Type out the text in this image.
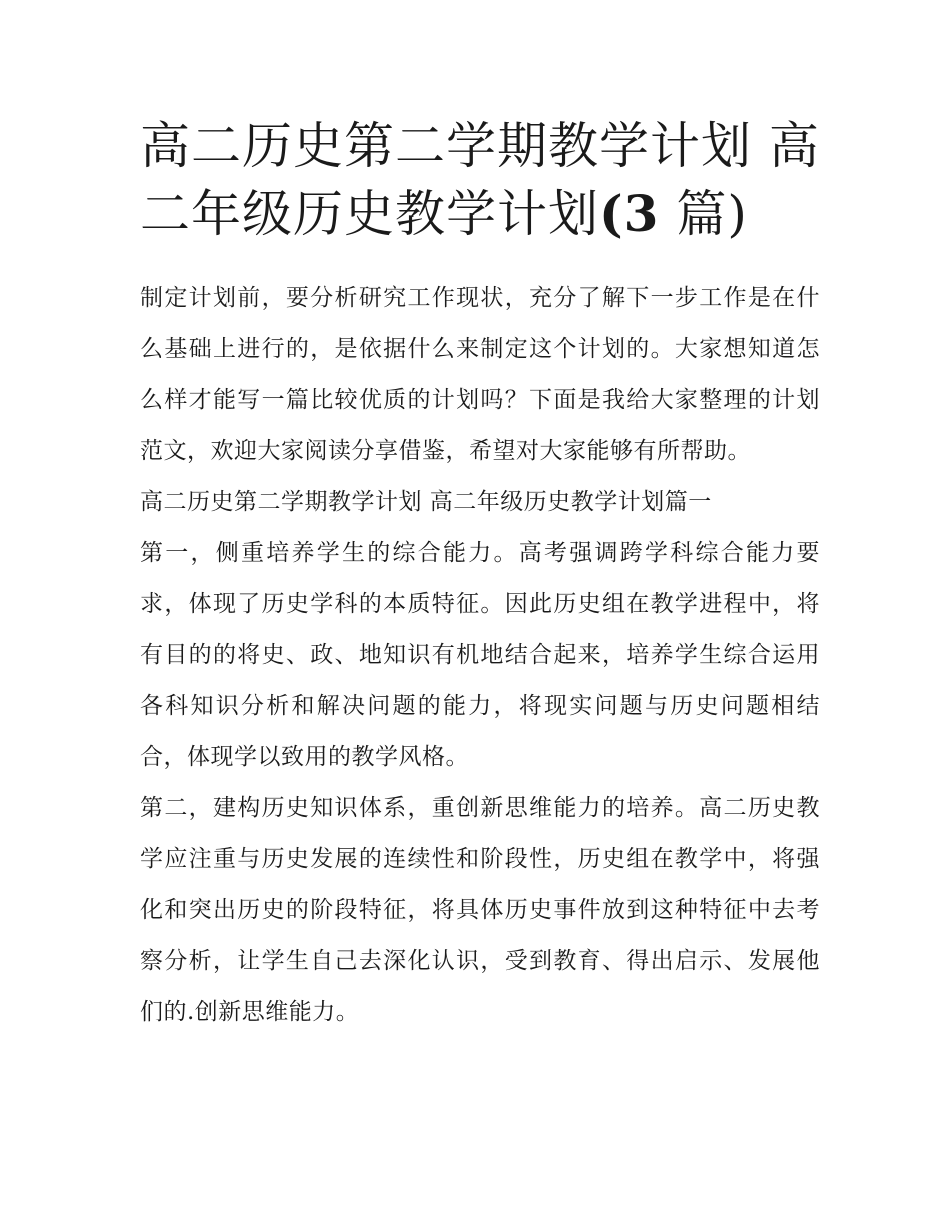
高二历史第二学期教学计划 高
二年级历史教学计划(3 篇)

制定计划前，要分析研究工作现状，充分了解下一步工作是在什么基础上进行的，是依据什么来制定这个计划的。大家想知道怎么样才能写一篇比较优质的计划吗？下面是我给大家整理的计划范文，欢迎大家阅读分享借鉴，希望对大家能够有所帮助。

高二历史第二学期教学计划 高二年级历史教学计划篇一

第一，侧重培养学生的综合能力。高考强调跨学科综合能力要求，体现了历史学科的本质特征。因此历史组在教学进程中，将有目的的将史、政、地知识有机地结合起来，培养学生综合运用各科知识分析和解决问题的能力，将现实问题与历史问题相结合，体现学以致用的教学风格。

第二，建构历史知识体系，重创新思维能力的培养。高二历史教学应注重与历史发展的连续性和阶段性，历史组在教学中，将强化和突出历史的阶段特征，将具体历史事件放到这种特征中去考察分析，让学生自己去深化认识，受到教育、得出启示、发展他们的.创新思维能力。
